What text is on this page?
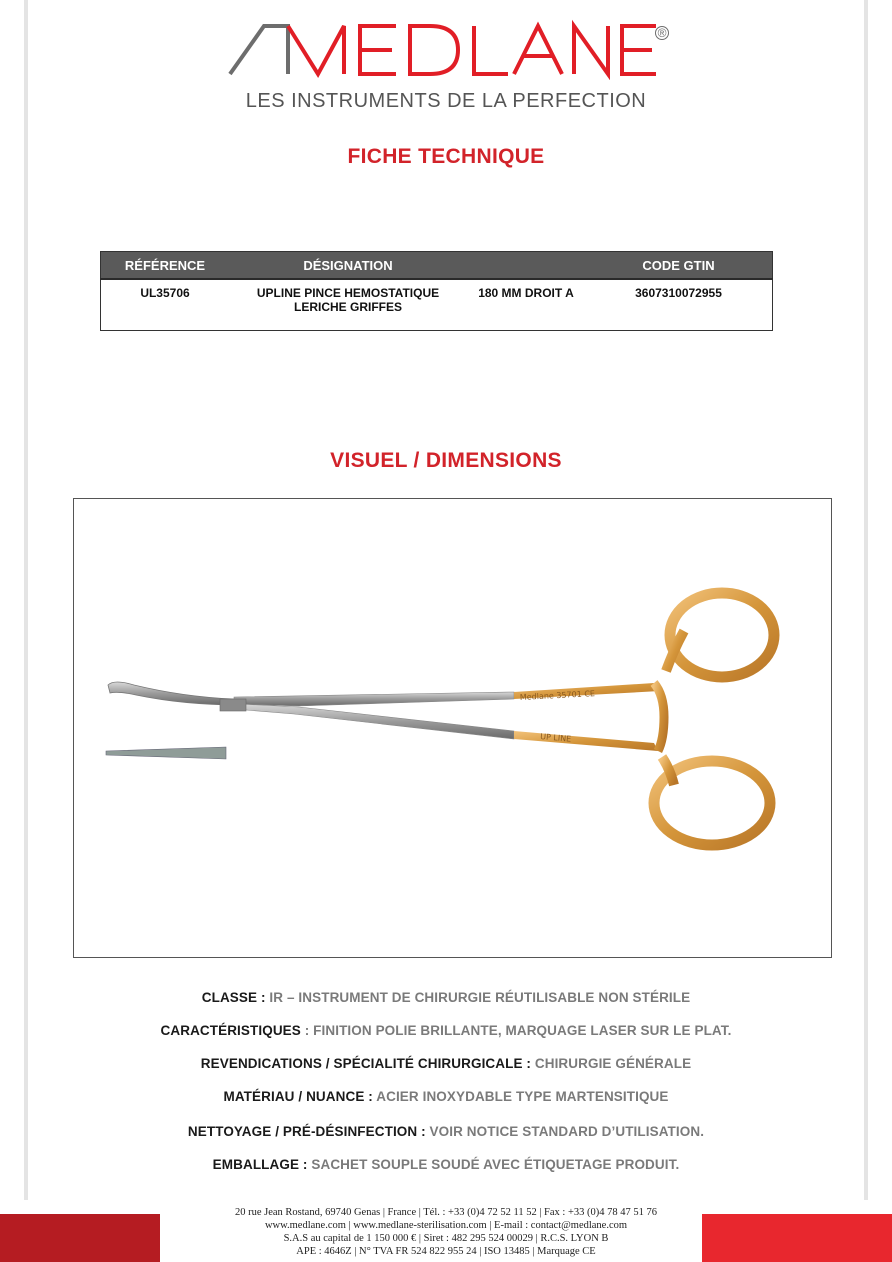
®
LES INSTRUMENTS DE LA PERFECTION
FICHE TECHNIQUE
RÉFÉRENCE	DÉSIGNATION		CODE GTIN
UL35706	UPLINE PINCE HEMOSTATIQUE LERICHE GRIFFES	180 MM DROIT A	3607310072955
VISUEL / DIMENSIONS
Medlane 35701 CE
UP LINE
CLASSE : IR – INSTRUMENT DE CHIRURGIE RÉUTILISABLE NON STÉRILE
CARACTÉRISTIQUES : FINITION POLIE BRILLANTE, MARQUAGE LASER SUR LE PLAT.
REVENDICATIONS / SPÉCIALITÉ CHIRURGICALE : CHIRURGIE GÉNÉRALE
MATÉRIAU / NUANCE : ACIER INOXYDABLE TYPE MARTENSITIQUE
NETTOYAGE / PRÉ-DÉSINFECTION : VOIR NOTICE STANDARD D’UTILISATION.
EMBALLAGE : SACHET SOUPLE SOUDÉ AVEC ÉTIQUETAGE PRODUIT.
20 rue Jean Rostand, 69740 Genas | France | Tél. : +33 (0)4 72 52 11 52 | Fax : +33 (0)4 78 47 51 76
www.medlane.com | www.medlane-sterilisation.com | E-mail : contact@medlane.com
S.A.S au capital de 1 150 000 € | Siret : 482 295 524 00029 | R.C.S. LYON B
APE : 4646Z | N° TVA FR 524 822 955 24 | ISO 13485 | Marquage CE
